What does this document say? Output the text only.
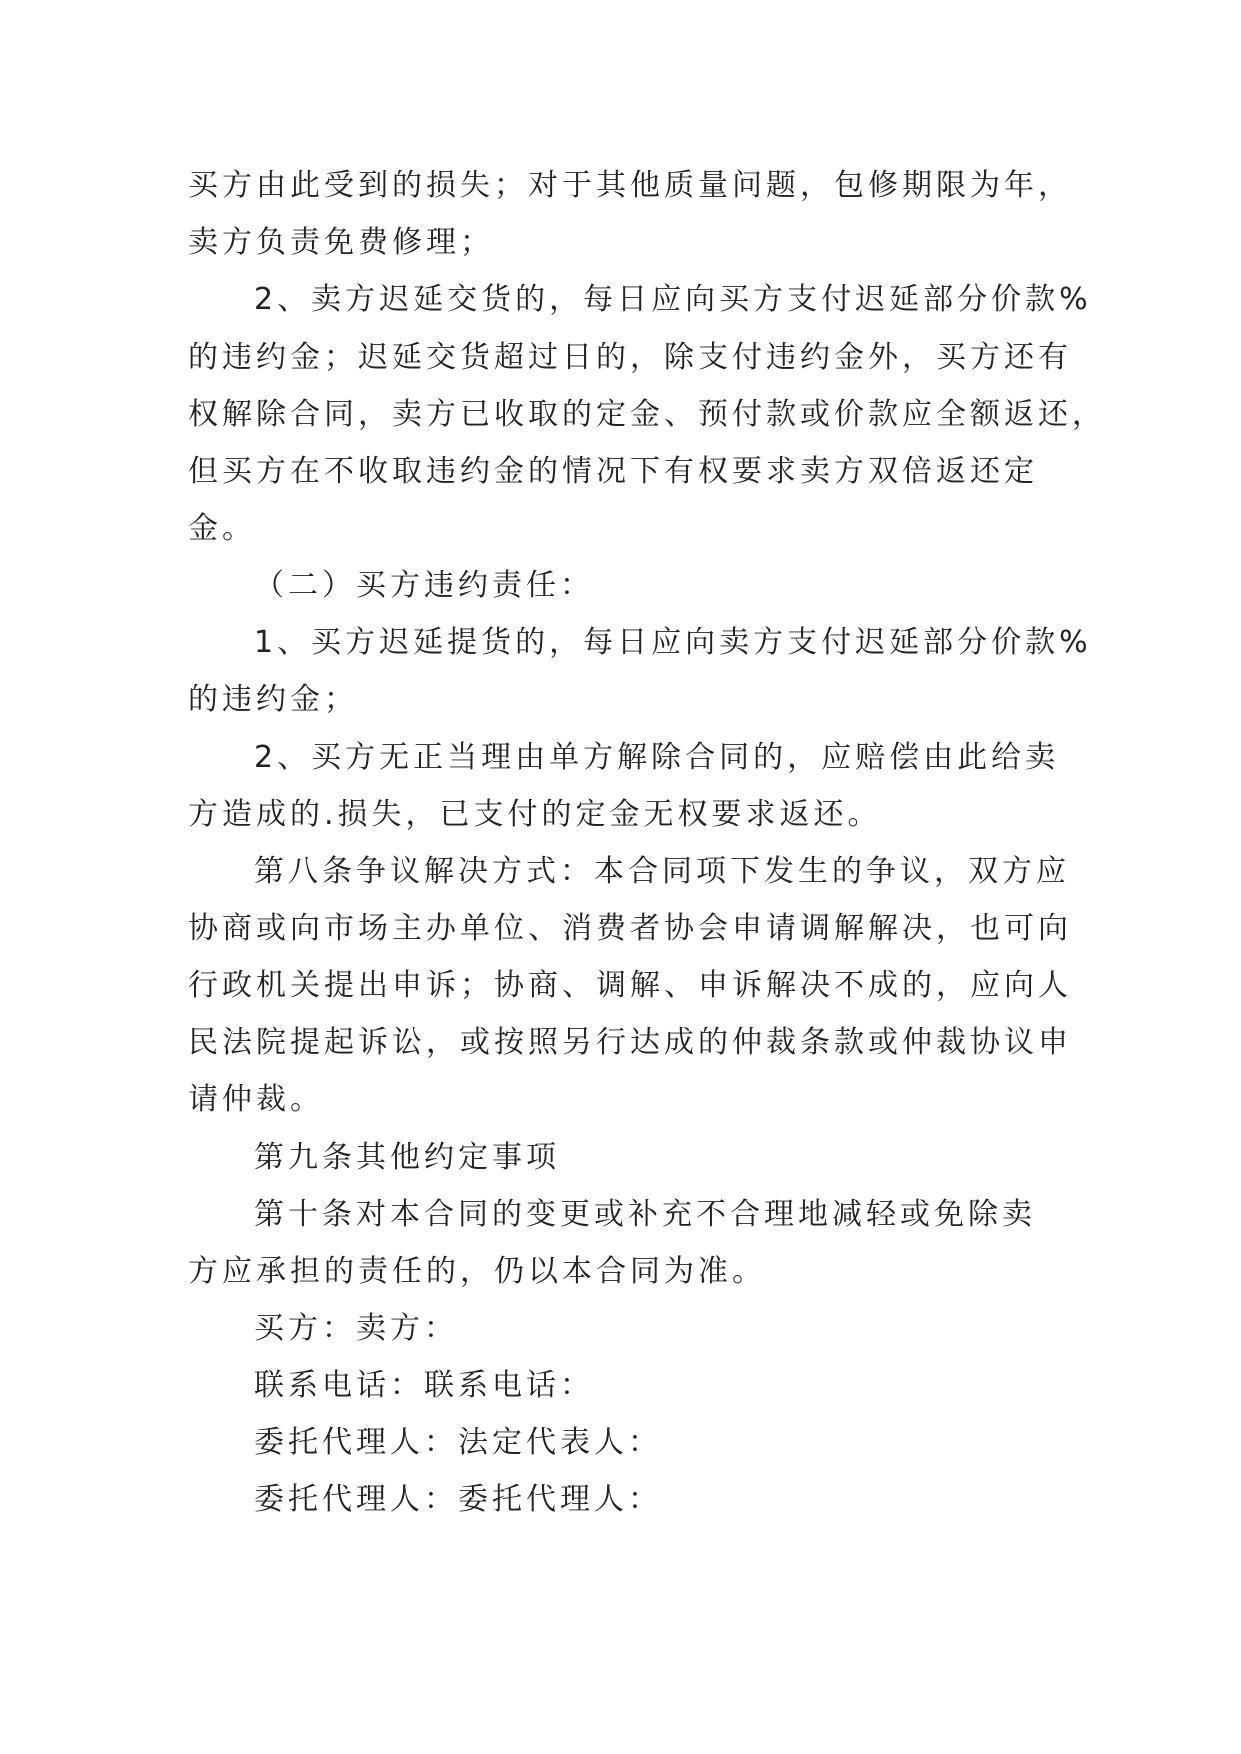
买方由此受到的损失；对于其他质量问题，包修期限为年，
卖方负责免费修理；
2、卖方迟延交货的，每日应向买方支付迟延部分价款%
的违约金；迟延交货超过日的，除支付违约金外，买方还有
权解除合同，卖方已收取的定金、预付款或价款应全额返还，
但买方在不收取违约金的情况下有权要求卖方双倍返还定
金。
（二）买方违约责任：
1、买方迟延提货的，每日应向卖方支付迟延部分价款%
的违约金；
2、买方无正当理由单方解除合同的，应赔偿由此给卖
方造成的.损失，已支付的定金无权要求返还。
第八条争议解决方式：本合同项下发生的争议，双方应
协商或向市场主办单位、消费者协会申请调解解决，也可向
行政机关提出申诉；协商、调解、申诉解决不成的，应向人
民法院提起诉讼，或按照另行达成的仲裁条款或仲裁协议申
请仲裁。
第九条其他约定事项
第十条对本合同的变更或补充不合理地减轻或免除卖
方应承担的责任的，仍以本合同为准。
买方：卖方：
联系电话：联系电话：
委托代理人：法定代表人：
委托代理人：委托代理人：
